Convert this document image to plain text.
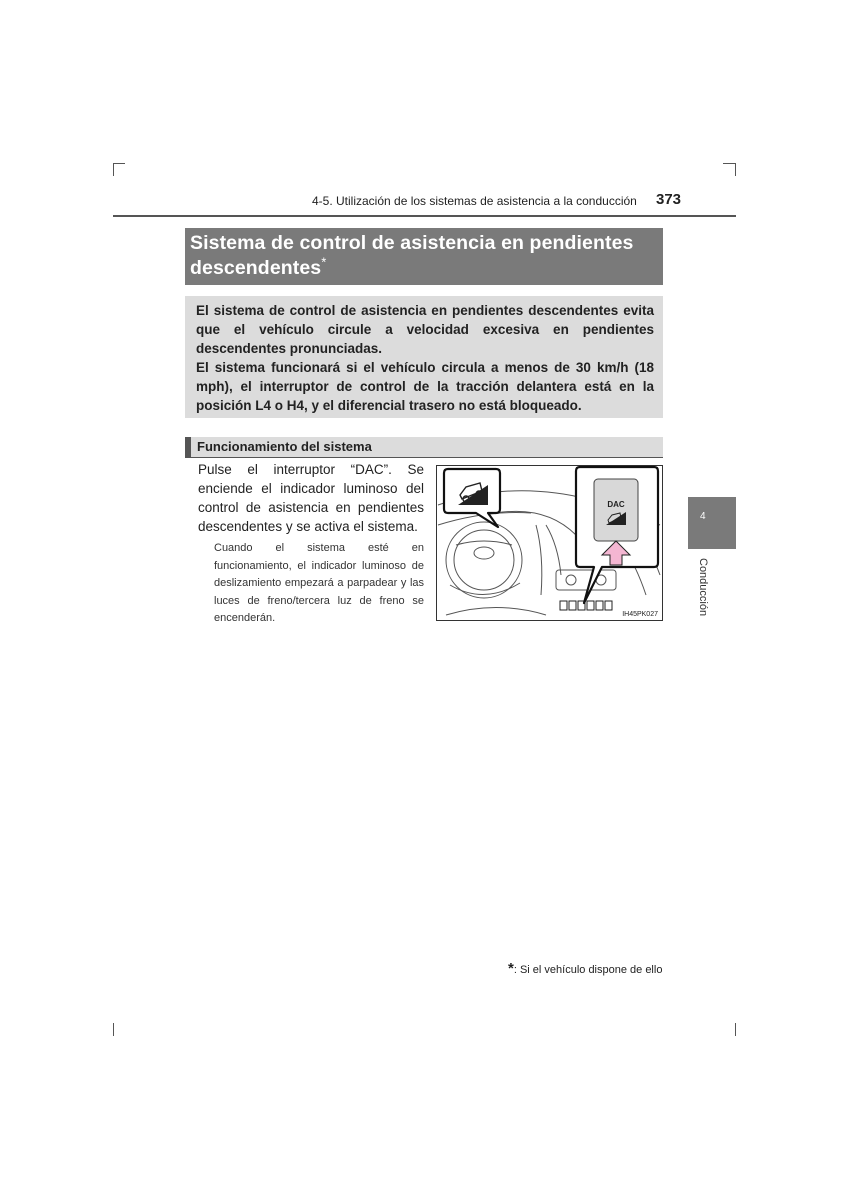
4-5. Utilización de los sistemas de asistencia a la conducción 373
Sistema de control de asistencia en pendientes
descendentes*

El sistema de control de asistencia en pendientes descendentes evita que el vehículo circule a velocidad excesiva en pendientes descendentes pronunciadas.

El sistema funcionará si el vehículo circula a menos de 30 km/h (18 mph), el interruptor de control de la tracción delantera está en la posición L4 o H4, y el diferencial trasero no está bloqueado.

Funcionamiento del sistema
Pulse el interruptor “DAC”. Se enciende el indicador luminoso del control de asistencia en pendientes descendentes y se activa el sistema.
Cuando el sistema esté en funcionamiento, el indicador luminoso de deslizamiento empezará a parpadear y las luces de freno/tercera luz de freno se encenderán.
DAC
IH45PK027
4
Conducción
*: Si el vehículo dispone de ello
